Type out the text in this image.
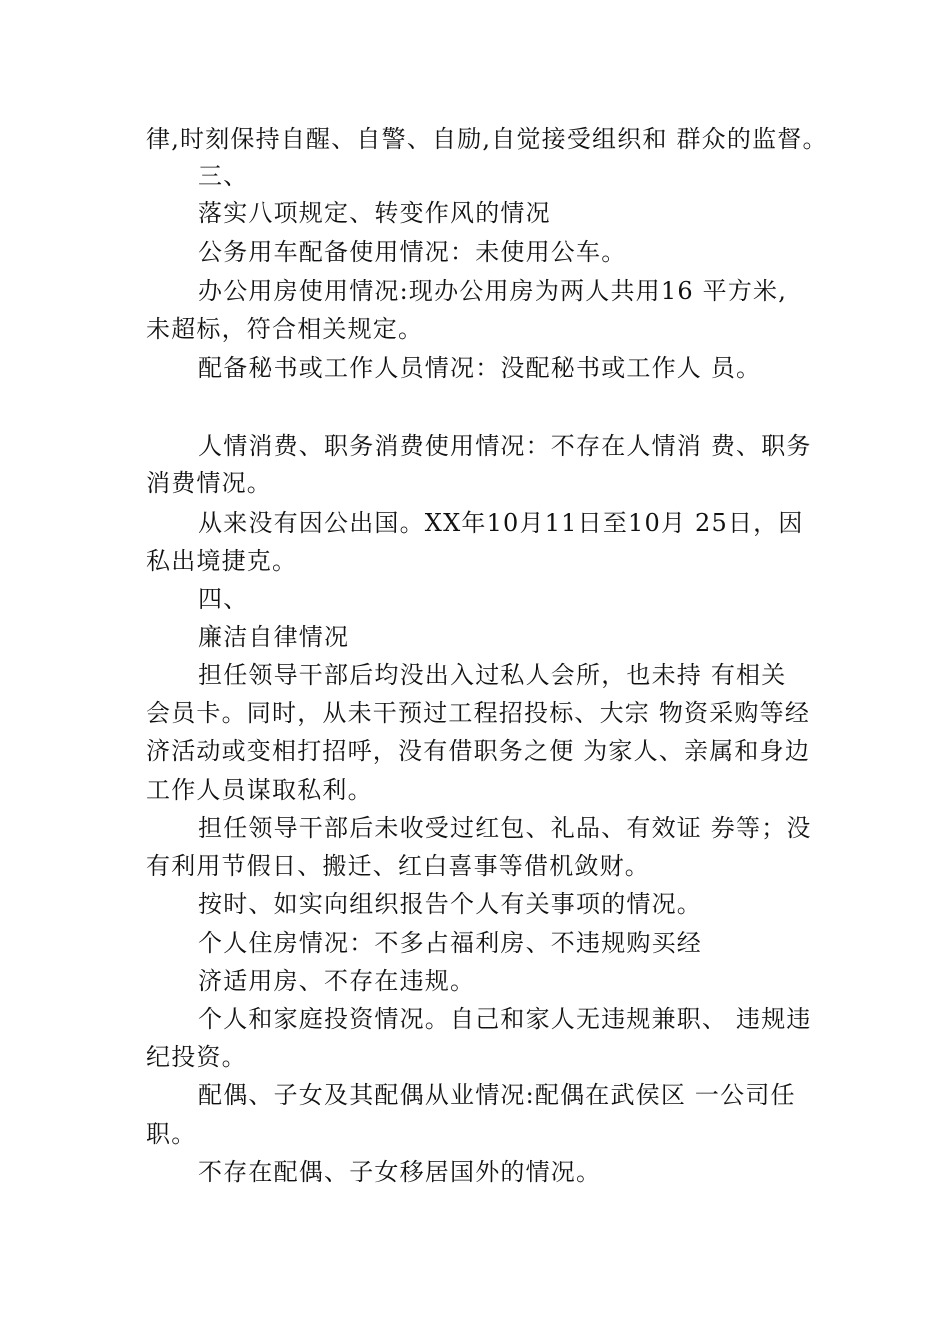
律,时刻保持自醒、自警、自励,自觉接受组织和 群众的监督。
三、
落实八项规定、转变作风的情况
公务用车配备使用情况：未使用公车。
办公用房使用情况:现办公用房为两人共用16 平方米,
未超标，符合相关规定。
配备秘书或工作人员情况：没配秘书或工作人 员。
人情消费、职务消费使用情况：不存在人情消 费、职务
消费情况。
从来没有因公出国。XX年10月11日至10月 25日，因
私出境捷克。
四、
廉洁自律情况
担任领导干部后均没出入过私人会所，也未持 有相关
会员卡。同时，从未干预过工程招投标、大宗 物资采购等经
济活动或变相打招呼，没有借职务之便 为家人、亲属和身边
工作人员谋取私利。
担任领导干部后未收受过红包、礼品、有效证 券等；没
有利用节假日、搬迁、红白喜事等借机敛财。
按时、如实向组织报告个人有关事项的情况。
个人住房情况：不多占福利房、不违规购买经
济适用房、不存在违规。
个人和家庭投资情况。自己和家人无违规兼职、 违规违
纪投资。
配偶、子女及其配偶从业情况:配偶在武侯区 一公司任
职。
不存在配偶、子女移居国外的情况。
